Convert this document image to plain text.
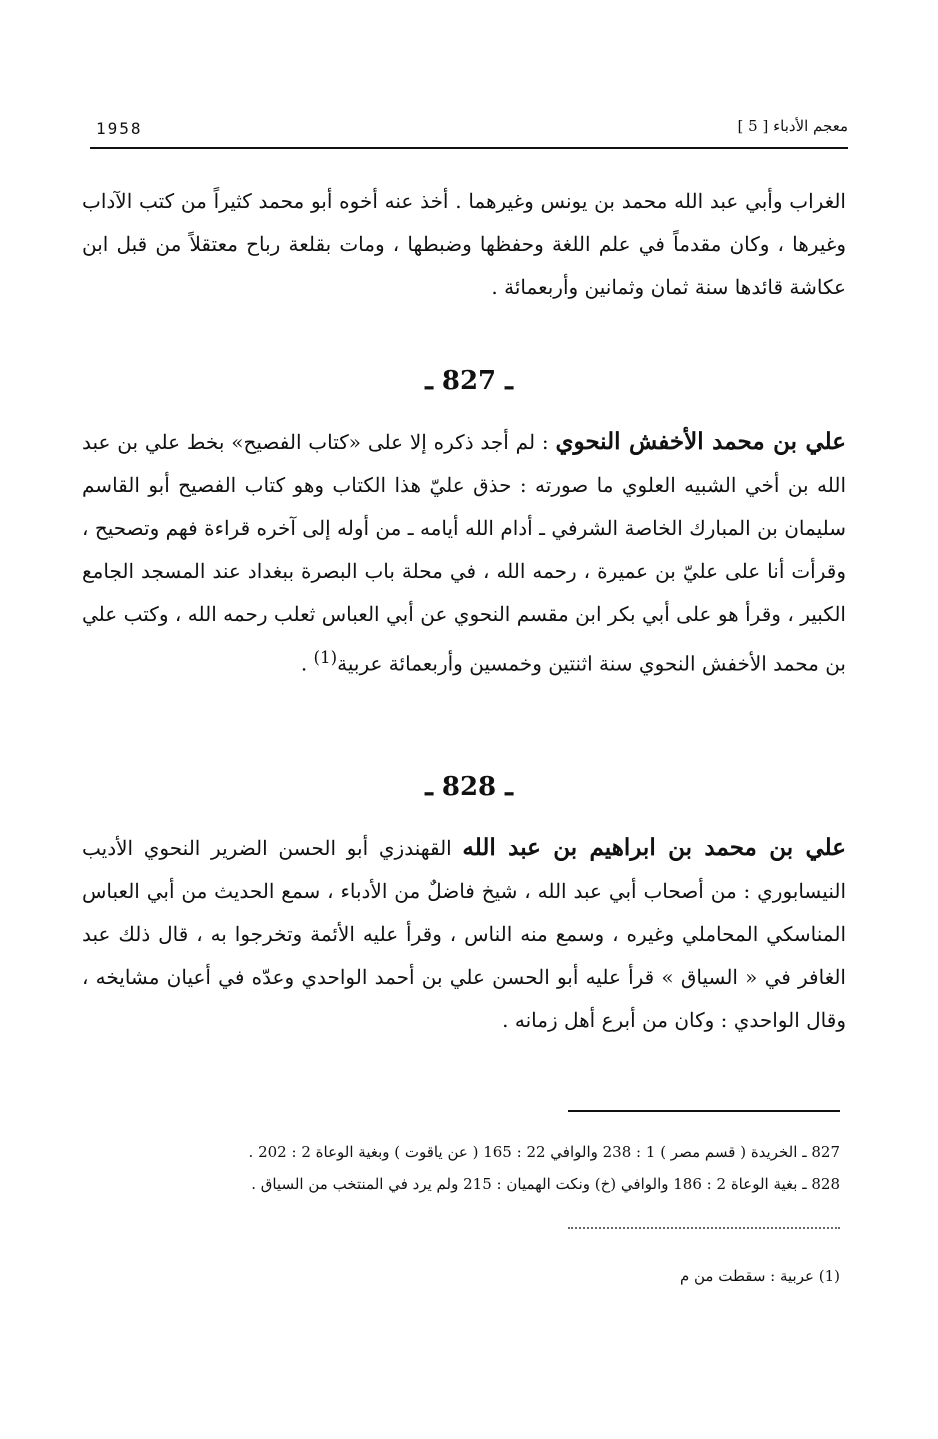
1958	معجم الأدباء [ 5 ]
الغراب وأبي عبد الله محمد بن يونس وغيرهما . أخذ عنه أخوه أبو محمد كثيراً من كتب الآداب وغيرها ، وكان مقدماً في علم اللغة وحفظها وضبطها ، ومات بقلعة رباح معتقلاً من قبل ابن عكاشة قائدها سنة ثمان وثمانين وأربعمائة .
ـ 827 ـ
علي بن محمد الأخفش النحوي : لم أجد ذكره إلا على «كتاب الفصيح» بخط علي بن عبد الله بن أخي الشبيه العلوي ما صورته : حذق عليّ هذا الكتاب وهو كتاب الفصيح أبو القاسم سليمان بن المبارك الخاصة الشرفي ـ أدام الله أيامه ـ من أوله إلى آخره قراءة فهم وتصحيح ، وقرأت أنا على عليّ بن عميرة ، رحمه الله ، في محلة باب البصرة ببغداد عند المسجد الجامع الكبير ، وقرأ هو على أبي بكر ابن مقسم النحوي عن أبي العباس ثعلب رحمه الله ، وكتب علي بن محمد الأخفش النحوي سنة اثنتين وخمسين وأربعمائة عربية$^{(1)}$ .
ـ 828 ـ
علي بن محمد بن ابراهيم بن عبد الله القهندزي أبو الحسن الضرير النحوي الأديب النيسابوري : من أصحاب أبي عبد الله ، شيخ فاضلٌ من الأدباء ، سمع الحديث من أبي العباس المناسكي المحاملي وغيره ، وسمع منه الناس ، وقرأ عليه الأئمة وتخرجوا به ، قال ذلك عبد الغافر في « السياق » قرأ عليه أبو الحسن علي بن أحمد الواحدي وعدّه في أعيان مشايخه ، وقال الواحدي : وكان من أبرع أهل زمانه .
827 ـ الخريدة ( قسم مصر ) 1 : 238 والوافي 22 : 165 ( عن ياقوت ) وبغية الوعاة 2 : 202 .
828 ـ بغية الوعاة 2 : 186 والوافي (خ) ونكت الهميان : 215 ولم يرد في المنتخب من السياق .
(1) عربية : سقطت من م
